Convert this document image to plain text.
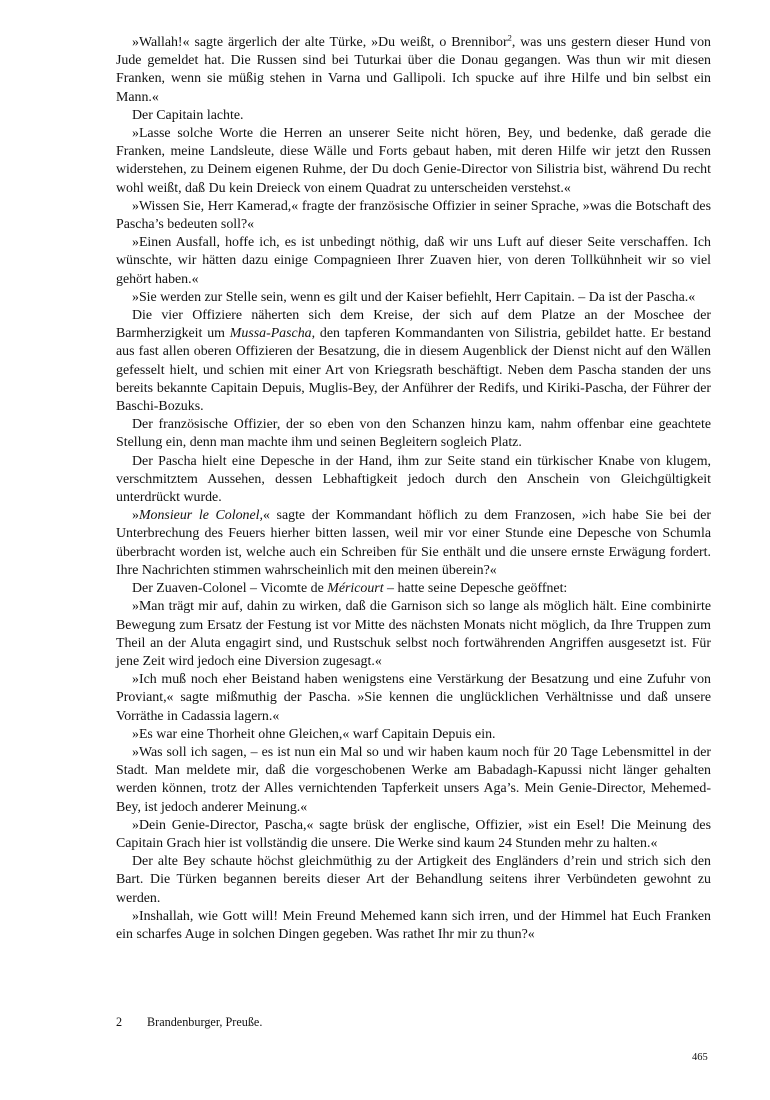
»Wallah!« sagte ärgerlich der alte Türke, »Du weißt, o Brennibor$^2$, was uns gestern dieser Hund von Jude gemeldet hat. Die Russen sind bei Tuturkai über die Donau gegangen. Was thun wir mit diesen Franken, wenn sie müßig stehen in Varna und Gallipoli. Ich spucke auf ihre Hilfe und bin selbst ein Mann.«

Der Capitain lachte.

»Lasse solche Worte die Herren an unserer Seite nicht hören, Bey, und bedenke, daß gerade die Franken, meine Landsleute, diese Wälle und Forts gebaut haben, mit deren Hilfe wir jetzt den Russen widerstehen, zu Deinem eigenen Ruhme, der Du doch Genie-Director von Silistria bist, während Du recht wohl weißt, daß Du kein Dreieck von einem Quadrat zu unterscheiden verstehst.«

»Wissen Sie, Herr Kamerad,« fragte der französische Offizier in seiner Sprache, »was die Botschaft des Pascha’s bedeuten soll?«

»Einen Ausfall, hoffe ich, es ist unbedingt nöthig, daß wir uns Luft auf dieser Seite verschaffen. Ich wünschte, wir hätten dazu einige Compagnieen Ihrer Zuaven hier, von deren Tollkühnheit wir so viel gehört haben.«

»Sie werden zur Stelle sein, wenn es gilt und der Kaiser befiehlt, Herr Capitain. – Da ist der Pascha.«

Die vier Offiziere näherten sich dem Kreise, der sich auf dem Platze an der Moschee der Barmherzigkeit um Mussa-Pascha, den tapferen Kommandanten von Silistria, gebildet hatte. Er bestand aus fast allen oberen Offizieren der Besatzung, die in diesem Augenblick der Dienst nicht auf den Wällen gefesselt hielt, und schien mit einer Art von Kriegsrath beschäftigt. Neben dem Pascha standen der uns bereits bekannte Capitain Depuis, Muglis-Bey, der Anführer der Redifs, und Kiriki-Pascha, der Führer der Baschi-Bozuks.

Der französische Offizier, der so eben von den Schanzen hinzu kam, nahm offenbar eine geachtete Stellung ein, denn man machte ihm und seinen Begleitern sogleich Platz.

Der Pascha hielt eine Depesche in der Hand, ihm zur Seite stand ein türkischer Knabe von klugem, verschmitztem Aussehen, dessen Lebhaftigkeit jedoch durch den Anschein von Gleichgültigkeit unterdrückt wurde.

»Monsieur le Colonel,« sagte der Kommandant höflich zu dem Franzosen, »ich habe Sie bei der Unterbrechung des Feuers hierher bitten lassen, weil mir vor einer Stunde eine Depesche von Schumla überbracht worden ist, welche auch ein Schreiben für Sie enthält und die unsere ernste Erwägung fordert. Ihre Nachrichten stimmen wahrscheinlich mit den meinen überein?«

Der Zuaven-Colonel – Vicomte de Méricourt – hatte seine Depesche geöffnet:

»Man trägt mir auf, dahin zu wirken, daß die Garnison sich so lange als möglich hält. Eine combinirte Bewegung zum Ersatz der Festung ist vor Mitte des nächsten Monats nicht möglich, da Ihre Truppen zum Theil an der Aluta engagirt sind, und Rustschuk selbst noch fortwährenden Angriffen ausgesetzt ist. Für jene Zeit wird jedoch eine Diversion zugesagt.«

»Ich muß noch eher Beistand haben wenigstens eine Verstärkung der Besatzung und eine Zufuhr von Proviant,« sagte mißmuthig der Pascha. »Sie kennen die unglücklichen Verhältnisse und daß unsere Vorräthe in Cadassia lagern.«

»Es war eine Thorheit ohne Gleichen,« warf Capitain Depuis ein.

»Was soll ich sagen, – es ist nun ein Mal so und wir haben kaum noch für 20 Tage Lebensmittel in der Stadt. Man meldete mir, daß die vorgeschobenen Werke am Babadagh-Kapussi nicht länger gehalten werden können, trotz der Alles vernichtenden Tapferkeit unsers Aga’s. Mein Genie-Director, Mehemed-Bey, ist jedoch anderer Meinung.«

»Dein Genie-Director, Pascha,« sagte brüsk der englische, Offizier, »ist ein Esel! Die Meinung des Capitain Grach hier ist vollständig die unsere. Die Werke sind kaum 24 Stunden mehr zu halten.«

Der alte Bey schaute höchst gleichmüthig zu der Artigkeit des Engländers d’rein und strich sich den Bart. Die Türken begannen bereits dieser Art der Behandlung seitens ihrer Verbündeten gewohnt zu werden.

»Inshallah, wie Gott will! Mein Freund Mehemed kann sich irren, und der Himmel hat Euch Franken ein scharfes Auge in solchen Dingen gegeben. Was rathet Ihr mir zu thun?«

2 Brandenburger, Preuße.
465
